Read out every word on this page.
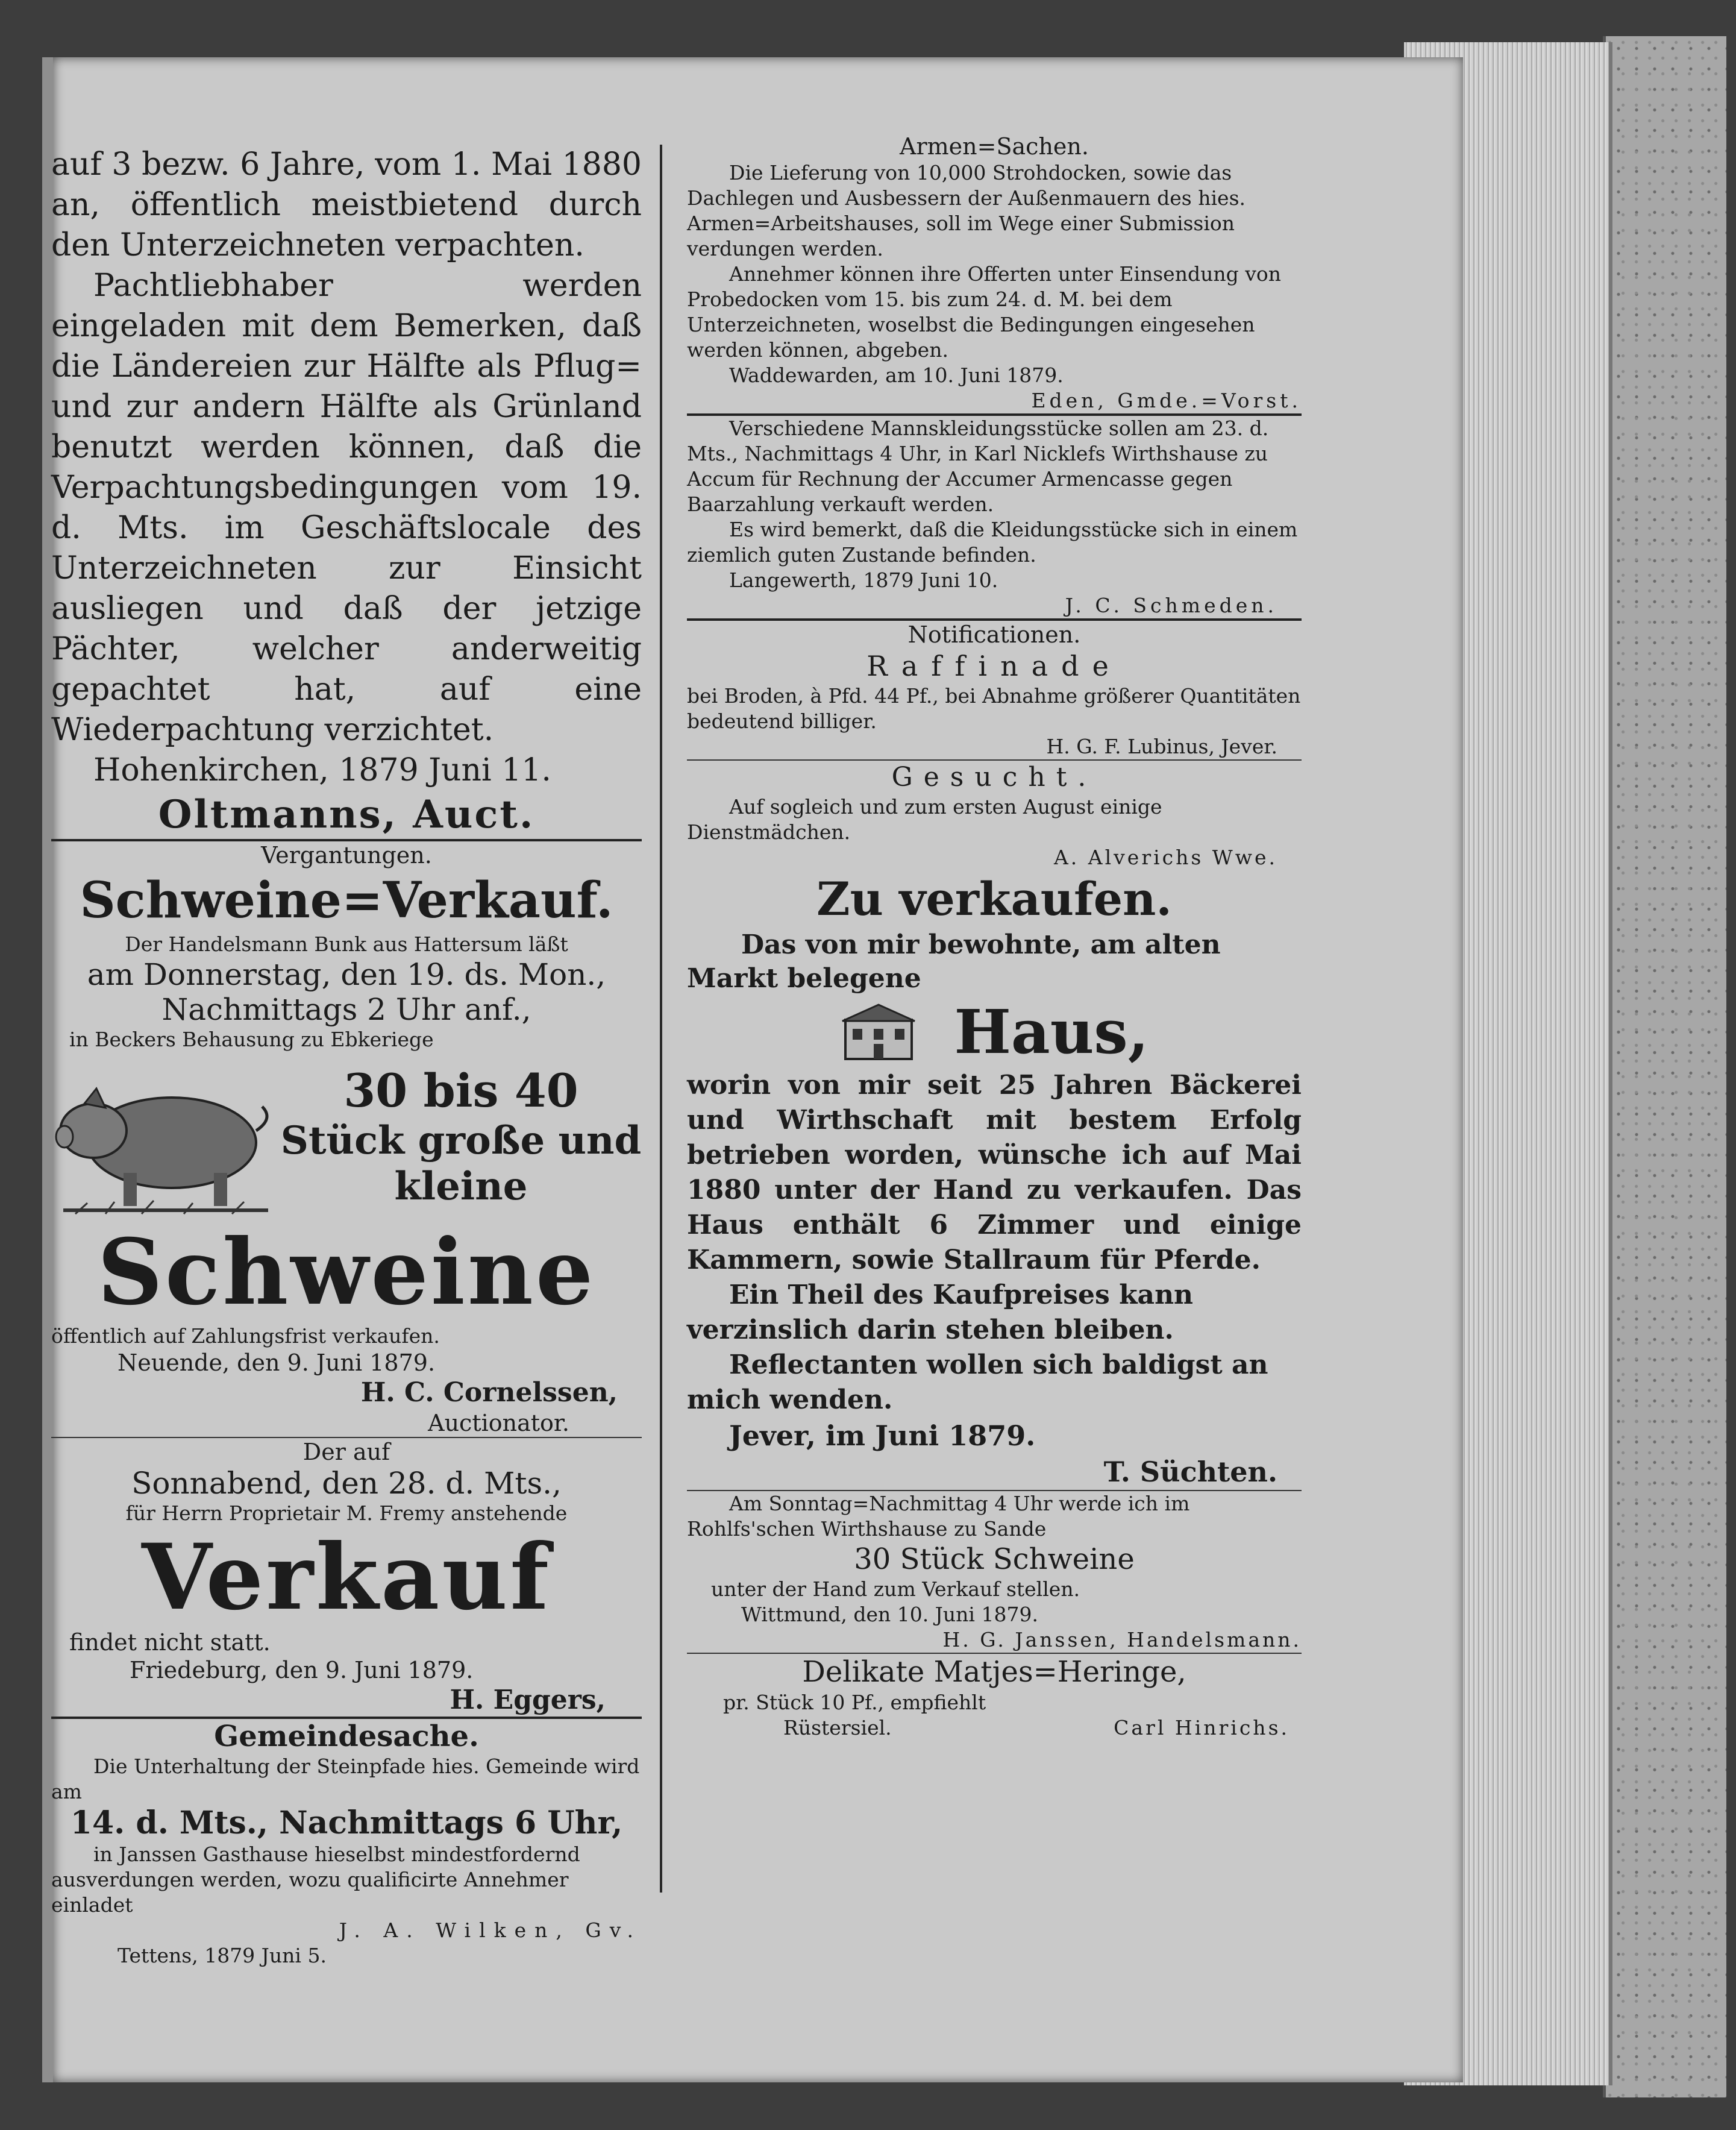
auf 3 bezw. 6 Jahre, vom 1. Mai 1880 an, öffentlich meistbietend durch den Unterzeichneten verpachten.

Pachtliebhaber werden eingeladen mit dem Bemerken, daß die Ländereien zur Hälfte als Pflug= und zur andern Hälfte als Grünland benutzt werden können, daß die Verpachtungsbedingungen vom 19. d. Mts. im Geschäftslocale des Unterzeichneten zur Einsicht ausliegen und daß der jetzige Pächter, welcher anderweitig gepachtet hat, auf eine Wiederpachtung verzichtet.

Hohenkirchen, 1879 Juni 11.

Oltmanns, Auct.

Vergantungen.

Schweine=Verkauf.

Der Handelsmann Bunk aus Hattersum läßt

am Donnerstag, den 19. ds. Mon.,

Nachmittags 2 Uhr anf.,

in Beckers Behausung zu Ebkeriege

30 bis 40

Stück große und kleine

Schweine

öffentlich auf Zahlungsfrist verkaufen.

Neuende, den 9. Juni 1879.

H. C. Cornelssen,

Auctionator.

Der auf

Sonnabend, den 28. d. Mts.,

für Herrn Proprietair M. Fremy anstehende

Verkauf

findet nicht statt.

Friedeburg, den 9. Juni 1879.

H. Eggers,

Gemeindesache.

Die Unterhaltung der Steinpfade hies. Gemeinde wird am

14. d. Mts., Nachmittags 6 Uhr,

in Janssen Gasthause hieselbst mindestfordernd ausverdungen werden, wozu qualificirte Annehmer einladet

J. A. Wilken, Gv.

Tettens, 1879 Juni 5.

Armen=Sachen.

Die Lieferung von 10,000 Strohdocken, sowie das Dachlegen und Ausbessern der Außenmauern des hies. Armen=Arbeitshauses, soll im Wege einer Submission verdungen werden.

Annehmer können ihre Offerten unter Einsendung von Probedocken vom 15. bis zum 24. d. M. bei dem Unterzeichneten, woselbst die Bedingungen eingesehen werden können, abgeben.

Waddewarden, am 10. Juni 1879.

Eden, Gmde.=Vorst.

Verschiedene Mannskleidungsstücke sollen am 23. d. Mts., Nachmittags 4 Uhr, in Karl Nicklefs Wirthshause zu Accum für Rechnung der Accumer Armencasse gegen Baarzahlung verkauft werden.

Es wird bemerkt, daß die Kleidungsstücke sich in einem ziemlich guten Zustande befinden.

Langewerth, 1879 Juni 10.

J. C. Schmeden.

Notificationen.

Raffinade

bei Broden, à Pfd. 44 Pf., bei Abnahme größerer Quantitäten bedeutend billiger.

H. G. F. Lubinus, Jever.

Gesucht.

Auf sogleich und zum ersten August einige Dienstmädchen.

A. Alverichs Wwe.

Zu verkaufen.

Das von mir bewohnte, am alten Markt belegene

Haus,

worin von mir seit 25 Jahren Bäckerei und Wirthschaft mit bestem Erfolg betrieben worden, wünsche ich auf Mai 1880 unter der Hand zu verkaufen. Das Haus enthält 6 Zimmer und einige Kammern, sowie Stallraum für Pferde.

Ein Theil des Kaufpreises kann verzinslich darin stehen bleiben.

Reflectanten wollen sich baldigst an mich wenden.

Jever, im Juni 1879.

T. Süchten.

Am Sonntag=Nachmittag 4 Uhr werde ich im Rohlfs'schen Wirthshause zu Sande

30 Stück Schweine

unter der Hand zum Verkauf stellen.

Wittmund, den 10. Juni 1879.

H. G. Janssen, Handelsmann.

Delikate Matjes=Heringe,

pr. Stück 10 Pf., empfiehlt

Rüstersiel.	Carl Hinrichs.
